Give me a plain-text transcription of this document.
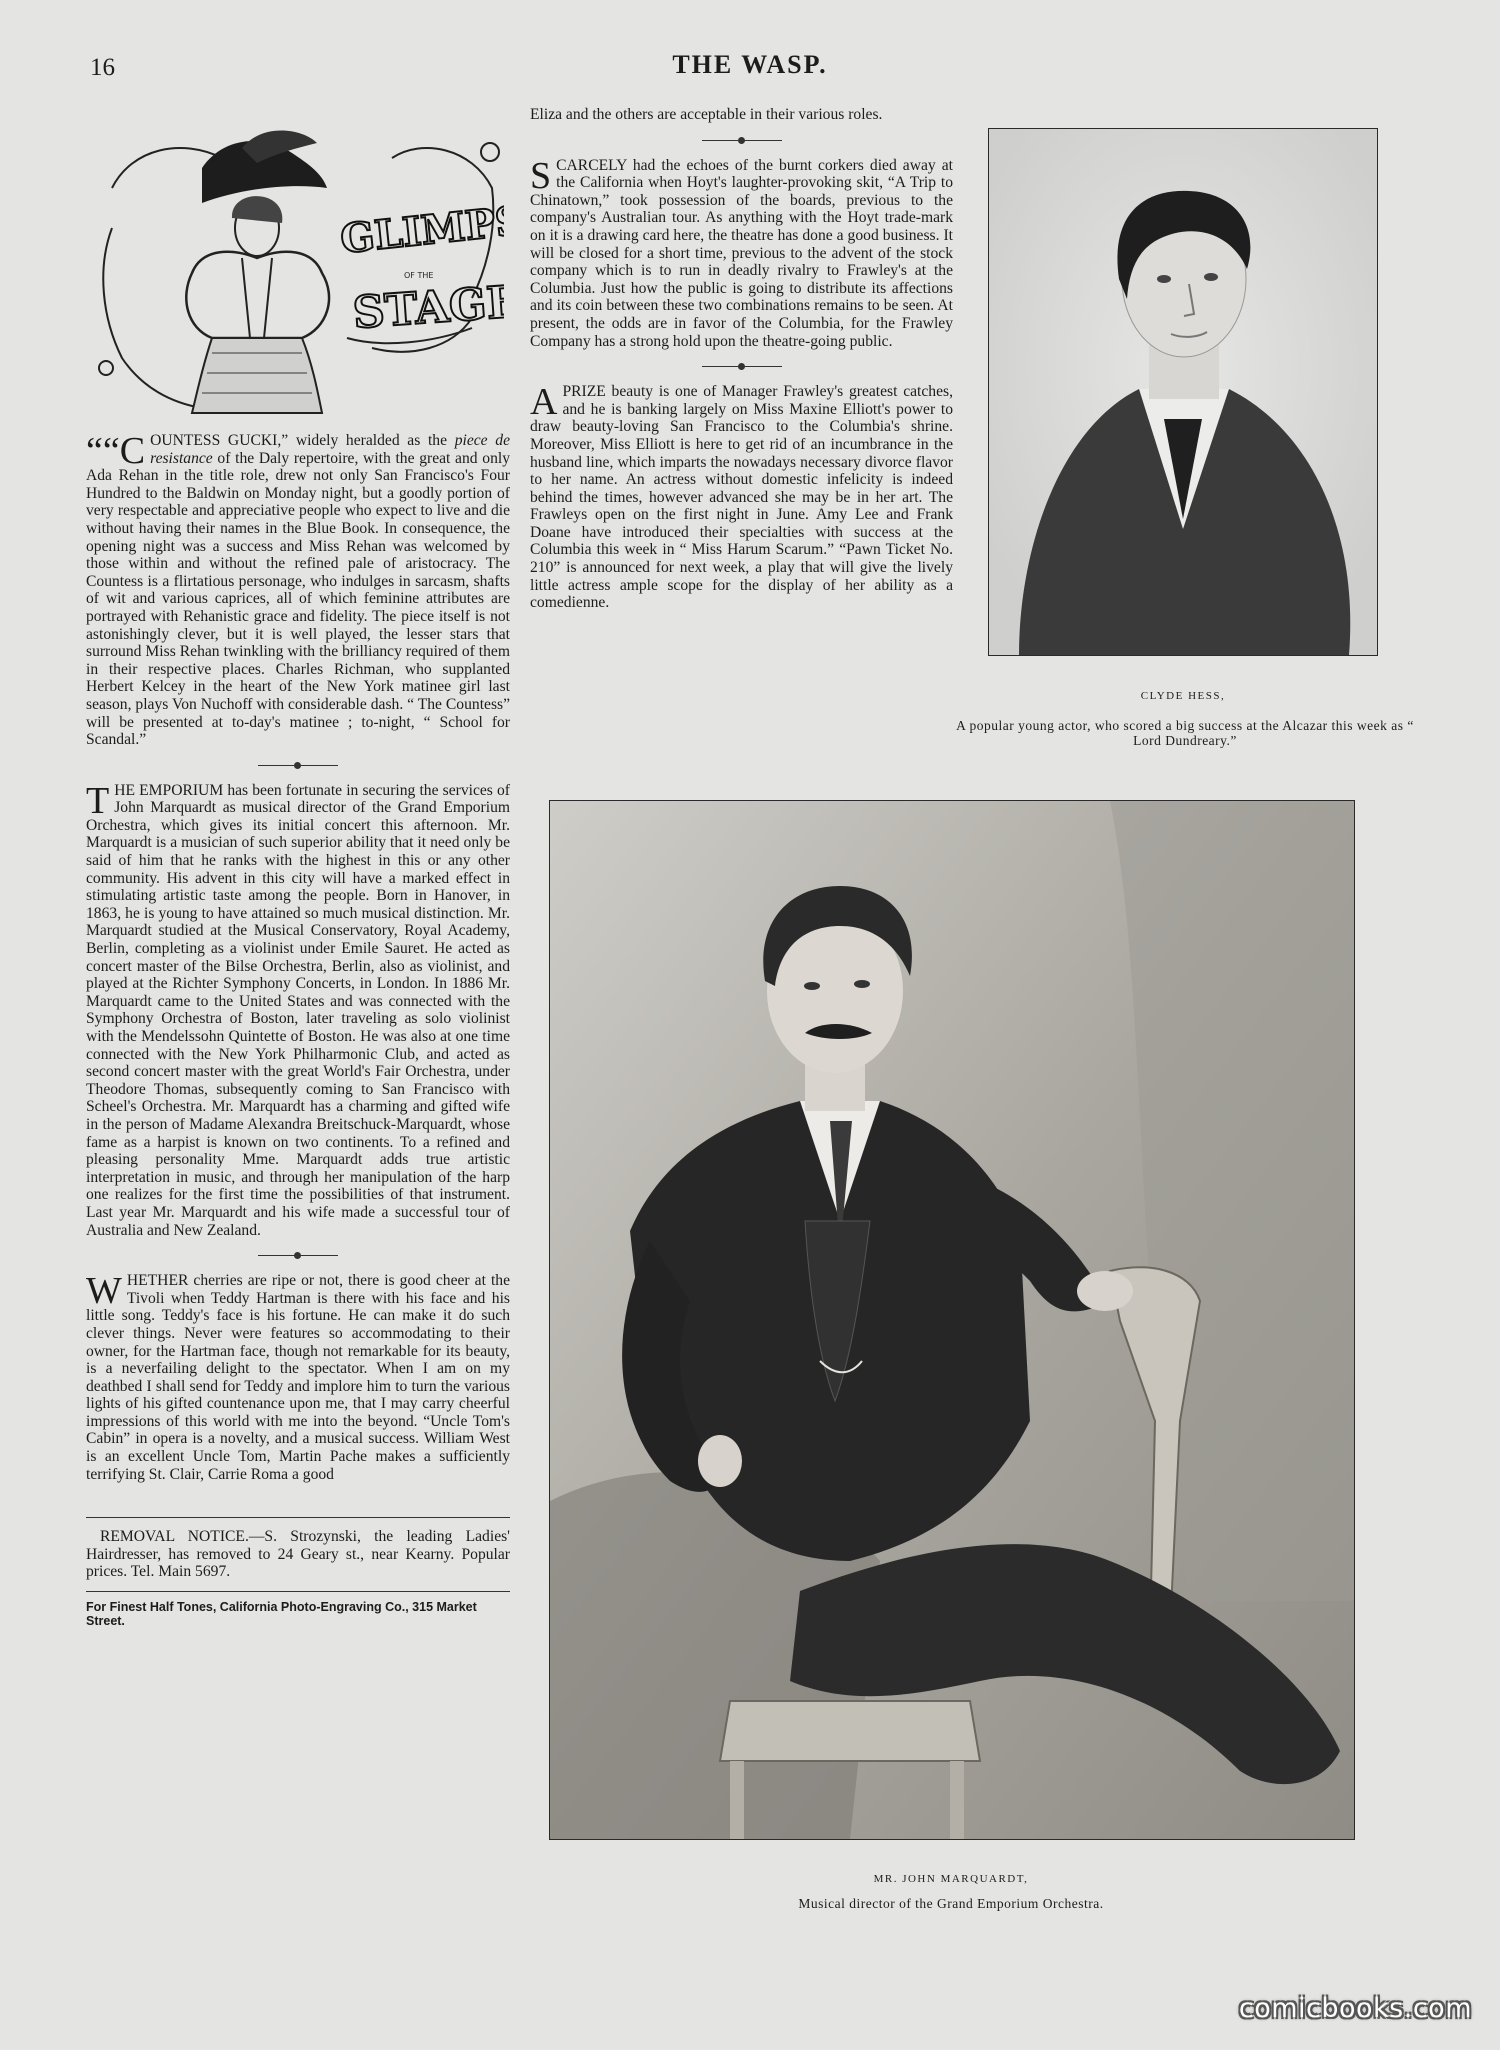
16	THE WASP.
GLIMPSES
OF THE
STAGE

““C OUNTESS GUCKI,” widely heralded as the piece de resistance of the Daly repertoire, with the great and only Ada Rehan in the title role, drew not only San Francisco's Four Hundred to the Baldwin on Monday night, but a goodly portion of very respectable and appreciative people who expect to live and die without having their names in the Blue Book. In consequence, the opening night was a success and Miss Rehan was welcomed by those within and without the refined pale of aristocracy. The Countess is a flirtatious personage, who indulges in sarcasm, shafts of wit and various caprices, all of which feminine attributes are portrayed with Rehanistic grace and fidelity. The piece itself is not astonishingly clever, but it is well played, the lesser stars that surround Miss Rehan twinkling with the brilliancy required of them in their respective places. Charles Richman, who supplanted Herbert Kelcey in the heart of the New York matinee girl last season, plays Von Nuchoff with considerable dash. “ The Countess” will be presented at to-day's matinee ; to-night, “ School for Scandal.”

THE EMPORIUM has been fortunate in securing the services of John Marquardt as musical director of the Grand Emporium Orchestra, which gives its initial concert this afternoon. Mr. Marquardt is a musician of such superior ability that it need only be said of him that he ranks with the highest in this or any other community. His advent in this city will have a marked effect in stimulating artistic taste among the people. Born in Hanover, in 1863, he is young to have attained so much musical distinction. Mr. Marquardt studied at the Musical Conservatory, Royal Academy, Berlin, completing as a violinist under Emile Sauret. He acted as concert master of the Bilse Orchestra, Berlin, also as violinist, and played at the Richter Symphony Concerts, in London. In 1886 Mr. Marquardt came to the United States and was connected with the Symphony Orchestra of Boston, later traveling as solo violinist with the Mendelssohn Quintette of Boston. He was also at one time connected with the New York Philharmonic Club, and acted as second concert master with the great World's Fair Orchestra, under Theodore Thomas, subsequently coming to San Francisco with Scheel's Orchestra. Mr. Marquardt has a charming and gifted wife in the person of Madame Alexandra Breitschuck-Marquardt, whose fame as a harpist is known on two continents. To a refined and pleasing personality Mme. Marquardt adds true artistic interpretation in music, and through her manipulation of the harp one realizes for the first time the possibilities of that instrument. Last year Mr. Marquardt and his wife made a successful tour of Australia and New Zealand.

WHETHER cherries are ripe or not, there is good cheer at the Tivoli when Teddy Hartman is there with his face and his little song. Teddy's face is his fortune. He can make it do such clever things. Never were features so accommodating to their owner, for the Hartman face, though not remarkable for its beauty, is a neverfailing delight to the spectator. When I am on my deathbed I shall send for Teddy and implore him to turn the various lights of his gifted countenance upon me, that I may carry cheerful impressions of this world with me into the beyond. “Uncle Tom's Cabin” in opera is a novelty, and a musical success. William West is an excellent Uncle Tom, Martin Pache makes a sufficiently terrifying St. Clair, Carrie Roma a good

REMOVAL NOTICE.—S. Strozynski, the leading Ladies' Hairdresser, has removed to 24 Geary st., near Kearny. Popular prices. Tel. Main 5697.

For Finest Half Tones, California Photo-Engraving Co., 315 Market Street.

Eliza and the others are acceptable in their various roles.

SCARCELY had the echoes of the burnt corkers died away at the California when Hoyt's laughter-provoking skit, “A Trip to Chinatown,” took possession of the boards, previous to the company's Australian tour. As anything with the Hoyt trade-mark on it is a drawing card here, the theatre has done a good business. It will be closed for a short time, previous to the advent of the stock company which is to run in deadly rivalry to Frawley's at the Columbia. Just how the public is going to distribute its affections and its coin between these two combinations remains to be seen. At present, the odds are in favor of the Columbia, for the Frawley Company has a strong hold upon the theatre-going public.

APRIZE beauty is one of Manager Frawley's greatest catches, and he is banking largely on Miss Maxine Elliott's power to draw beauty-loving San Francisco to the Columbia's shrine. Moreover, Miss Elliott is here to get rid of an incumbrance in the husband line, which imparts the nowadays necessary divorce flavor to her name. An actress without domestic infelicity is indeed behind the times, however advanced she may be in her art. The Frawleys open on the first night in June. Amy Lee and Frank Doane have introduced their specialties with success at the Columbia this week in “ Miss Harum Scarum.” “Pawn Ticket No. 210” is announced for next week, a play that will give the lively little actress ample scope for the display of her ability as a comedienne.

CLYDE HESS,
A popular young actor, who scored a big success at the Alcazar this week as “ Lord Dundreary.”
MR. JOHN MARQUARDT,
Musical director of the Grand Emporium Orchestra.
comicbooks.com
